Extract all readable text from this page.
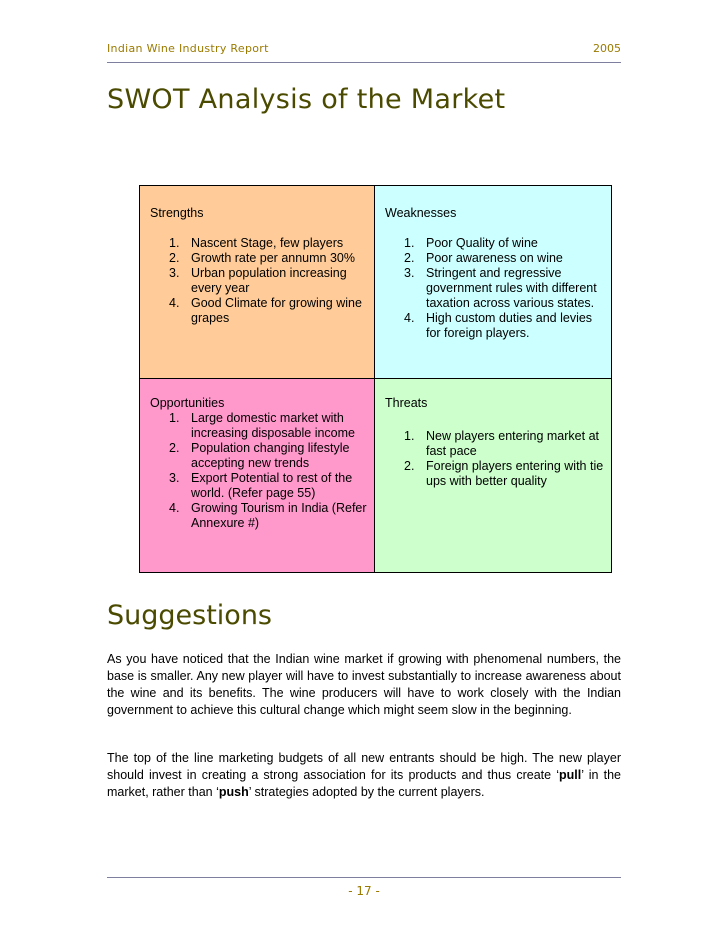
Indian Wine Industry Report	2005
SWOT Analysis of the Market
Strengths
1. Nascent Stage, few players
2. Growth rate per annumn 30%
3. Urban population increasing every year
4. Good Climate for growing wine grapes
Weaknesses
1. Poor Quality of wine
2. Poor awareness on wine
3. Stringent and regressive government rules with different taxation across various states.
4. High custom duties and levies for foreign players.
Opportunities
1. Large domestic market with increasing disposable income
2. Population changing lifestyle accepting new trends
3. Export Potential to rest of the world. (Refer page 55)
4. Growing Tourism in India (Refer Annexure #)
Threats
1. New players entering market at fast pace
2. Foreign players entering with tie ups with better quality
Suggestions

As you have noticed that the Indian wine market if growing with phenomenal numbers, the base is smaller. Any new player will have to invest substantially to increase awareness about the wine and its benefits. The wine producers will have to work closely with the Indian government to achieve this cultural change which might seem slow in the beginning.

The top of the line marketing budgets of all new entrants should be high. The new player should invest in creating a strong association for its products and thus create ‘pull’ in the market, rather than ‘push’ strategies adopted by the current players.

- 17 -
